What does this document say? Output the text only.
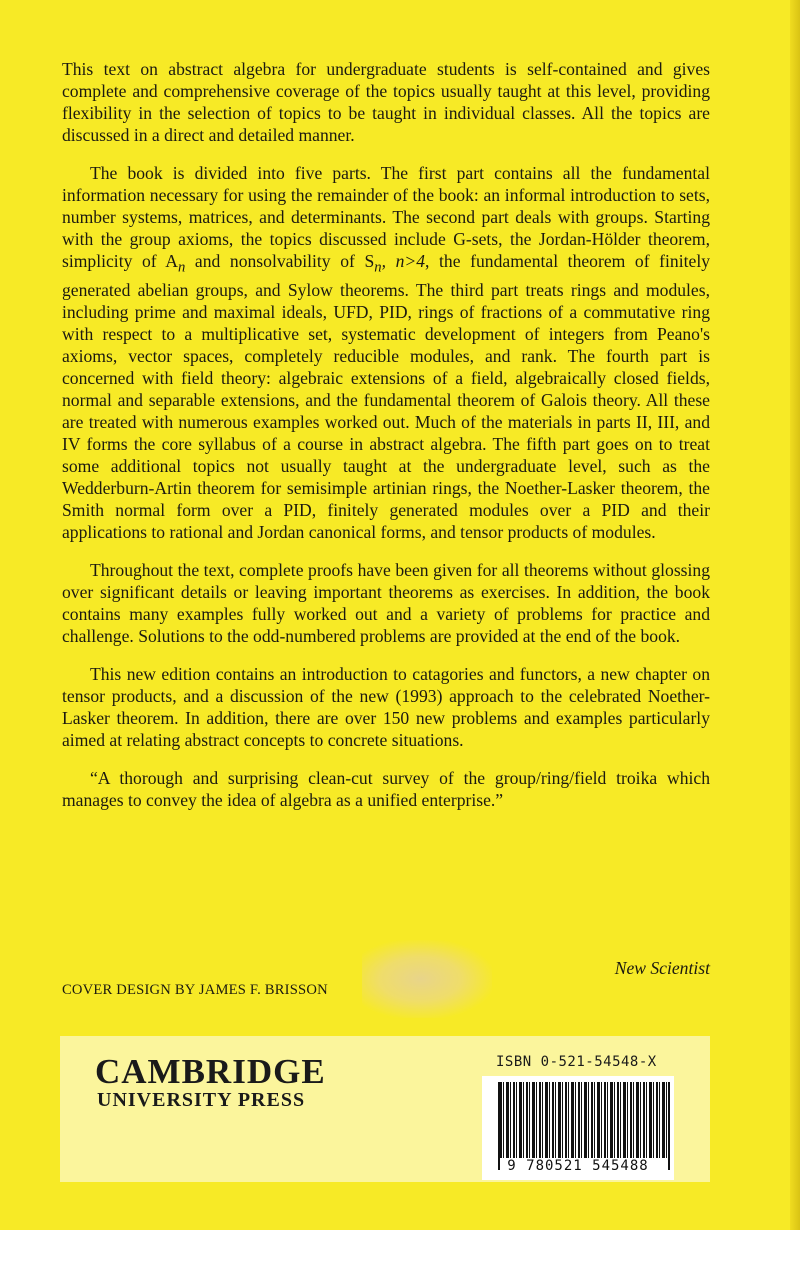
This text on abstract algebra for undergraduate students is self-contained and gives complete and comprehensive coverage of the topics usually taught at this level, providing flexibility in the selection of topics to be taught in individual classes. All the topics are discussed in a direct and detailed manner.

The book is divided into five parts. The first part contains all the fundamental information necessary for using the remainder of the book: an informal introduction to sets, number systems, matrices, and determinants. The second part deals with groups. Starting with the group axioms, the topics discussed include G-sets, the Jordan-Hölder theorem, simplicity of $A_n$ and nonsolvability of $S_n$, n>4, the fundamental theorem of finitely generated abelian groups, and Sylow theorems. The third part treats rings and modules, including prime and maximal ideals, UFD, PID, rings of fractions of a commutative ring with respect to a multiplicative set, systematic development of integers from Peano's axioms, vector spaces, completely reducible modules, and rank. The fourth part is concerned with field theory: algebraic extensions of a field, algebraically closed fields, normal and separable extensions, and the fundamental theorem of Galois theory. All these are treated with numerous examples worked out. Much of the materials in parts II, III, and IV forms the core syllabus of a course in abstract algebra. The fifth part goes on to treat some additional topics not usually taught at the undergraduate level, such as the Wedderburn-Artin theorem for semisimple artinian rings, the Noether-Lasker theorem, the Smith normal form over a PID, finitely generated modules over a PID and their applications to rational and Jordan canonical forms, and tensor products of modules.

Throughout the text, complete proofs have been given for all theorems without glossing over significant details or leaving important theorems as exercises. In addition, the book contains many examples fully worked out and a variety of problems for practice and challenge. Solutions to the odd-numbered problems are provided at the end of the book.

This new edition contains an introduction to catagories and functors, a new chapter on tensor products, and a discussion of the new (1993) approach to the celebrated Noether-Lasker theorem. In addition, there are over 150 new problems and examples particularly aimed at relating abstract concepts to concrete situations.

“A thorough and surprising clean-cut survey of the group/ring/field troika which manages to convey the idea of algebra as a unified enterprise.”

New Scientist
COVER DESIGN BY JAMES F. BRISSON
CAMBRIDGE
UNIVERSITY PRESS
ISBN 0-521-54548-X
9 780521 545488
